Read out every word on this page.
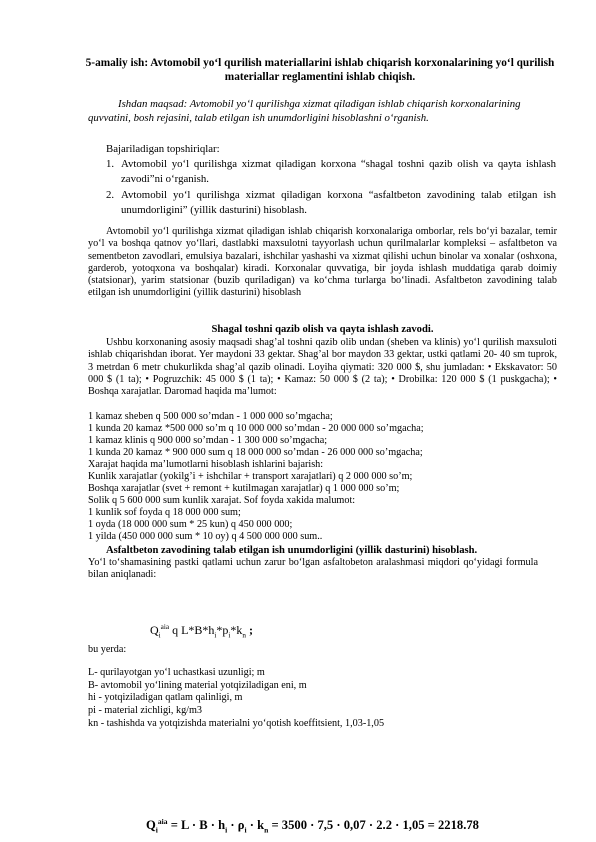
5-amaliy ish: Avtomobil yo‘l qurilish materiallarini ishlab chiqarish korxonalarining yo‘l qurilish materiallar reglamentini ishlab chiqish.
Ishdan maqsad: Avtomobil yo‘l qurilishga xizmat qiladigan ishlab chiqarish korxonalarining quvvatini, bosh rejasini, talab etilgan ish unumdorligini hisoblashni o‘rganish.
Bajariladigan topshiriqlar:
1. Avtomobil yo‘l qurilishga xizmat qiladigan korxona “shagal toshni qazib olish va qayta ishlash zavodi”ni o‘rganish.
2. Avtomobil yo‘l qurilishga xizmat qiladigan korxona “asfaltbeton zavodining talab etilgan ish unumdorligini” (yillik dasturini) hisoblash.
Avtomobil yo‘l qurilishga xizmat qiladigan ishlab chiqarish korxonalariga omborlar, rels bo‘yi bazalar, temir yo‘l va boshqa qatnov yo‘llari, dastlabki maxsulotni tayyorlash uchun qurilmalarlar kompleksi – asfaltbeton va sementbeton zavodlari, emulsiya bazalari, ishchilar yashashi va xizmat qilishi uchun binolar va xonalar (oshxona, garderob, yotoqxona va boshqalar) kiradi. Korxonalar quvvatiga, bir joyda ishlash muddatiga qarab doimiy (statsionar), yarim statsionar (buzib quriladigan) va ko‘chma turlarga bo‘linadi. Asfaltbeton zavodining talab etilgan ish unumdorligini (yillik dasturini) hisoblash
Shagal toshni qazib olish va qayta ishlash zavodi.
Ushbu korxonaning asosiy maqsadi shag’al toshni qazib olib undan (sheben va klinis) yo‘l qurilish maxsuloti ishlab chiqarishdan iborat. Yer maydoni 33 gektar. Shag’al bor maydon 33 gektar, ustki qatlami 20- 40 sm tuprok, 3 metrdan 6 metr chukurlikda shag’al qazib olinadi. Loyiha qiymati: 320 000 $, shu jumladan: • Ekskavator: 50 000 $ (1 ta); • Pogruzchik: 45 000 $ (1 ta); • Kamaz: 50 000 $ (2 ta); • Drobilka: 120 000 $ (1 puskgacha); • Boshqa xarajatlar. Daromad haqida ma’lumot:
1 kamaz sheben q 500 000 so’mdan - 1 000 000 so’mgacha;
1 kunda 20 kamaz *500 000 so’m q 10 000 000 so’mdan - 20 000 000 so’mgacha;
1 kamaz klinis q 900 000 so’mdan - 1 300 000 so’mgacha;
1 kunda 20 kamaz * 900 000 sum q 18 000 000 so’mdan - 26 000 000 so’mgacha;
Xarajat haqida ma’lumotlarni hisoblash ishlarini bajarish:
Kunlik xarajatlar (yokilg’i + ishchilar + transport xarajatlari) q 2 000 000 so’m;
Boshqa xarajatlar (svet + remont + kutilmagan xarajatlar) q 1 000 000 so’m;
Solik q 5 600 000 sum kunlik xarajat. Sof foyda xakida malumot:
1 kunlik sof foyda q 18 000 000 sum;
1 oyda (18 000 000 sum * 25 kun) q 450 000 000;
1 yilda (450 000 000 sum * 10 oy) q 4 500 000 000 sum..
Asfaltbeton zavodining talab etilgan ish unumdorligini (yillik dasturini) hisoblash.
Yo‘l to‘shamasining pastki qatlami uchun zarur bo‘lgan asfaltobeton aralashmasi miqdori qo‘yidagi formula bilan aniqlanadi:
$Q_i^{aia}$ q $L*B*h_i*p_i*k_n$ ;
bu yerda:
L- qurilayotgan yo‘l uchastkasi uzunligi; m
B- avtomobil yo‘lining material yotqiziladigan eni, m
hi - yotqiziladigan qatlam qalinligi, m
pi - material zichligi, kg/m3
kn - tashishda va yotqizishda materialni yo‘qotish koeffitsient, 1,03-1,05
$Q_i^{aia} = L \cdot B \cdot h_i \cdot \rho_i \cdot k_n = 3500 \cdot 7,5 \cdot 0,07 \cdot 2.2 \cdot 1,05 = 2218.78$
